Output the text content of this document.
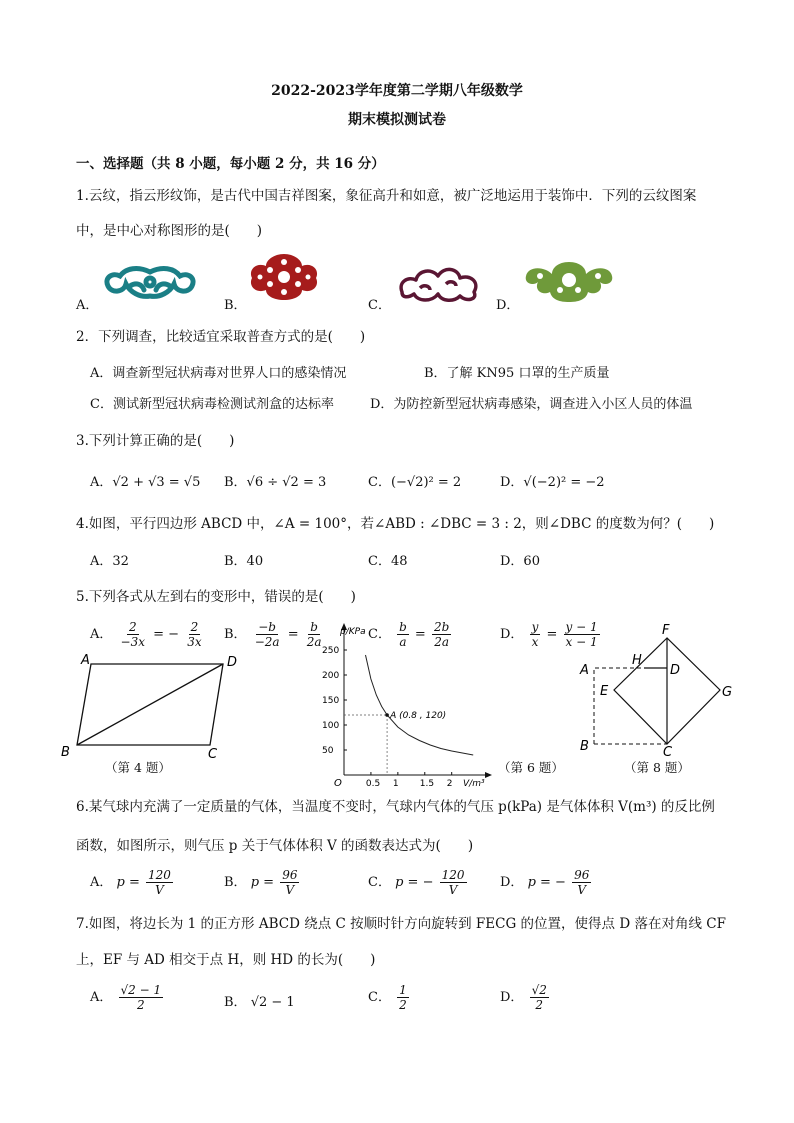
2022-2023学年度第二学期八年级数学
期末模拟测试卷
一、选择题（共 8 小题，每小题 2 分，共 16 分）
1.云纹，指云形纹饰，是古代中国吉祥图案，象征高升和如意，被广泛地运用于装饰中．下列的云纹图案
中，是中心对称图形的是(　　)
A．	B．	C．	D．
2．下列调查，比较适宜采取普查方式的是(　　)
A．调查新型冠状病毒对世界人口的感染情况	B．了解 KN95 口罩的生产质量
C．测试新型冠状病毒检测试剂盒的达标率	D．为防控新型冠状病毒感染，调查进入小区人员的体温
3.下列计算正确的是(　　)
A．√2 + √3 = √5 B．√6 ÷ √2 = 3	C．(−√2)² = 2	D．√(−2)² = −2
4.如图，平行四边形 ABCD 中，∠A = 100°，若∠ABD : ∠DBC = 3 : 2，则∠DBC 的度数为何？(　　)
A．32	B．40	C．48	D．60
5.下列各式从左到右的变形中，错误的是(　　)
A． $\frac{2}{-3x}$ = − $\frac{2}{3x}$ B． $\frac{-b}{-2a} = \frac{b}{2a}$	C． $\frac{b}{a} = \frac{2b}{2a}$	D． $\frac{y}{x} = \frac{y - 1}{x - 1}$
A	D
B	C
（第 4 题）
p/KPa
V/m³
O	0.5 1 1.5 2
50
100
150
200
250
A (0.8 , 120)
（第 6 题）
F
H
D
A
E	G
B	C
（第 8 题）
6.某气球内充满了一定质量的气体，当温度不变时，气球内气体的气压 p(kPa) 是气体体积 V(m³) 的反比例
函数，如图所示，则气压 p 关于气体体积 V 的函数表达式为(　　)
A． $p = \frac{120}{V}$	B． $p = \frac{96}{V}$	C． p = − $\frac{120}{V}$	D． p = − $\frac{96}{V}$
7.如图，将边长为 1 的正方形 ABCD 绕点 C 按顺时针方向旋转到 FECG 的位置，使得点 D 落在对角线 CF
上，EF 与 AD 相交于点 H，则 HD 的长为(　　)
A． $\frac{√2 - 1}{2}$	B． √2 − 1	C． $\frac{1}{2}$	D． $\frac{√2}{2}$
